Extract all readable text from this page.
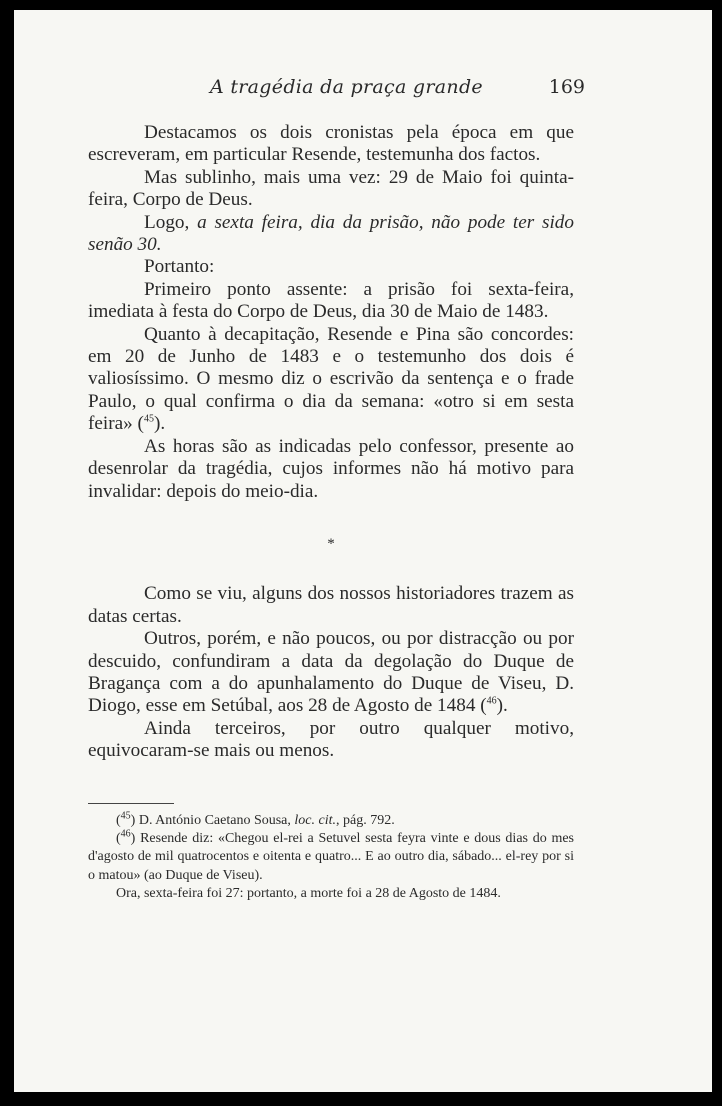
A tragédia da praça grande	169

Destacamos os dois cronistas pela época em que escreveram, em particular Resende, testemunha dos factos.

Mas sublinho, mais uma vez: 29 de Maio foi quinta-feira, Corpo de Deus.

Logo, a sexta feira, dia da prisão, não pode ter sido senão 30.

Portanto:

Primeiro ponto assente: a prisão foi sexta-feira, imediata à festa do Corpo de Deus, dia 30 de Maio de 1483.

Quanto à decapitação, Resende e Pina são concordes: em 20 de Junho de 1483 e o testemunho dos dois é valiosíssimo. O mesmo diz o escrivão da sentença e o frade Paulo, o qual confirma o dia da semana: «otro si em sesta feira» ($^{45}$).

As horas são as indicadas pelo confessor, presente ao desenrolar da tragédia, cujos informes não há motivo para invalidar: depois do meio-dia.

*

Como se viu, alguns dos nossos historiadores trazem as datas certas.

Outros, porém, e não poucos, ou por distracção ou por descuido, confundiram a data da degolação do Duque de Bragança com a do apunhalamento do Duque de Viseu, D. Diogo, esse em Setúbal, aos 28 de Agosto de 1484 ($^{46}$).

Ainda terceiros, por outro qualquer motivo, equivocaram-se mais ou menos.

($^{45}$) D. António Caetano Sousa, loc. cit., pág. 792.

($^{46}$) Resende diz: «Chegou el-rei a Setuvel sesta feyra vinte e dous dias do mes d'agosto de mil quatrocentos e oitenta e quatro... E ao outro dia, sábado... el-rey por si o matou» (ao Duque de Viseu).

Ora, sexta-feira foi 27: portanto, a morte foi a 28 de Agosto de 1484.
